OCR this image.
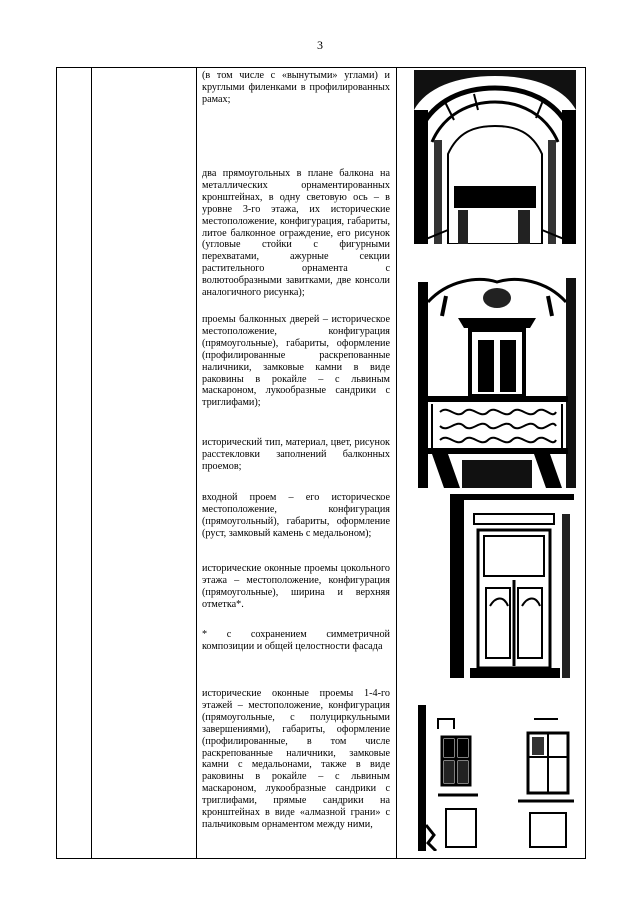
3
(в том числе с «вынутыми» углами) и круглыми филенками в профилированных рамах;
два прямоугольных в плане балкона на металлических орнаментированных кронштейнах, в одну световую ось – в уровне 3-го этажа, их исторические местоположение, конфигурация, габариты, литое балконное ограждение, его рисунок (угловые стойки с фигурными перехватами, ажурные секции растительного орнамента с волютообразными завитками, две консоли аналогичного рисунка);
проемы балконных дверей – историческое местоположение, конфигурация (прямоугольные), габариты, оформление (профилированные раскрепованные наличники, замковые камни в виде раковины в рокайле – с львиным маскароном, лукообразные сандрики с триглифами);
исторический тип, материал, цвет, рисунок расстекловки заполнений балконных проемов;
входной проем – его историческое местоположение, конфигурация (прямоугольный), габариты, оформление (руст, замковый камень с медальоном);
исторические оконные проемы цокольного этажа – местоположение, конфигурация (прямоугольные), ширина и верхняя отметка*.
* с сохранением симметричной композиции и общей целостности фасада
исторические оконные проемы 1-4-го этажей – местоположение, конфигурация (прямоугольные, с полуциркульными завершениями), габариты, оформление (профилированные, в том числе раскрепованные наличники, замковые камни с медальонами, также в виде раковины в рокайле – с львиным маскароном, лукообразные сандрики с триглифами, прямые сандрики на кронштейнах в виде «алмазной грани» с пальчиковым орнаментом между ними,
